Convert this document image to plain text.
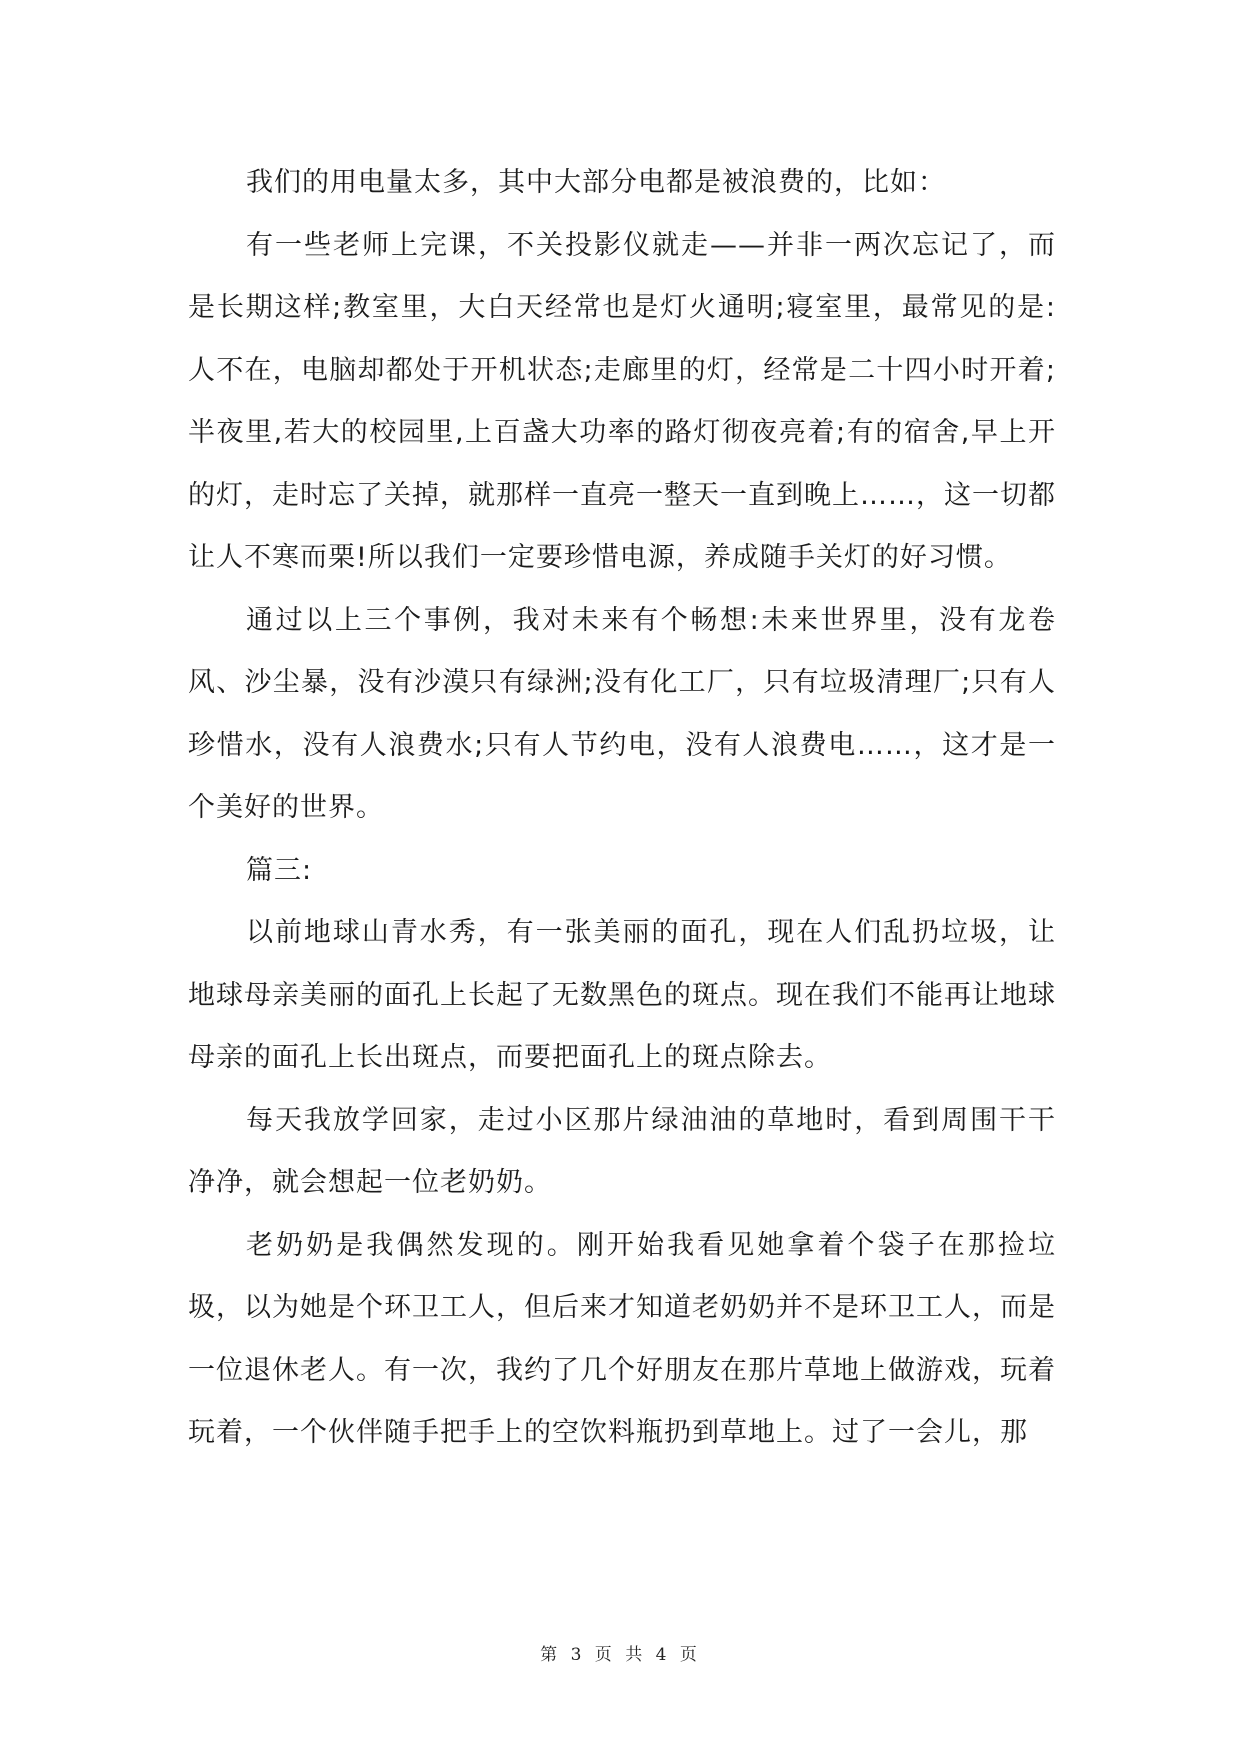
我们的用电量太多，其中大部分电都是被浪费的，比如：

有一些老师上完课，不关投影仪就走——并非一两次忘记了，而是长期这样;教室里，大白天经常也是灯火通明;寝室里，最常见的是:人不在，电脑却都处于开机状态;走廊里的灯，经常是二十四小时开着;半夜里,若大的校园里,上百盏大功率的路灯彻夜亮着;有的宿舍,早上开的灯，走时忘了关掉，就那样一直亮一整天一直到晚上……，这一切都让人不寒而栗!所以我们一定要珍惜电源，养成随手关灯的好习惯。

通过以上三个事例，我对未来有个畅想:未来世界里，没有龙卷风、沙尘暴，没有沙漠只有绿洲;没有化工厂，只有垃圾清理厂;只有人珍惜水，没有人浪费水;只有人节约电，没有人浪费电……，这才是一个美好的世界。

篇三:

以前地球山青水秀，有一张美丽的面孔，现在人们乱扔垃圾，让地球母亲美丽的面孔上长起了无数黑色的斑点。现在我们不能再让地球母亲的面孔上长出斑点，而要把面孔上的斑点除去。

每天我放学回家，走过小区那片绿油油的草地时，看到周围干干净净，就会想起一位老奶奶。

老奶奶是我偶然发现的。刚开始我看见她拿着个袋子在那捡垃圾，以为她是个环卫工人，但后来才知道老奶奶并不是环卫工人，而是一位退休老人。有一次，我约了几个好朋友在那片草地上做游戏，玩着玩着，一个伙伴随手把手上的空饮料瓶扔到草地上。过了一会儿，那

第 3 页 共 4 页
